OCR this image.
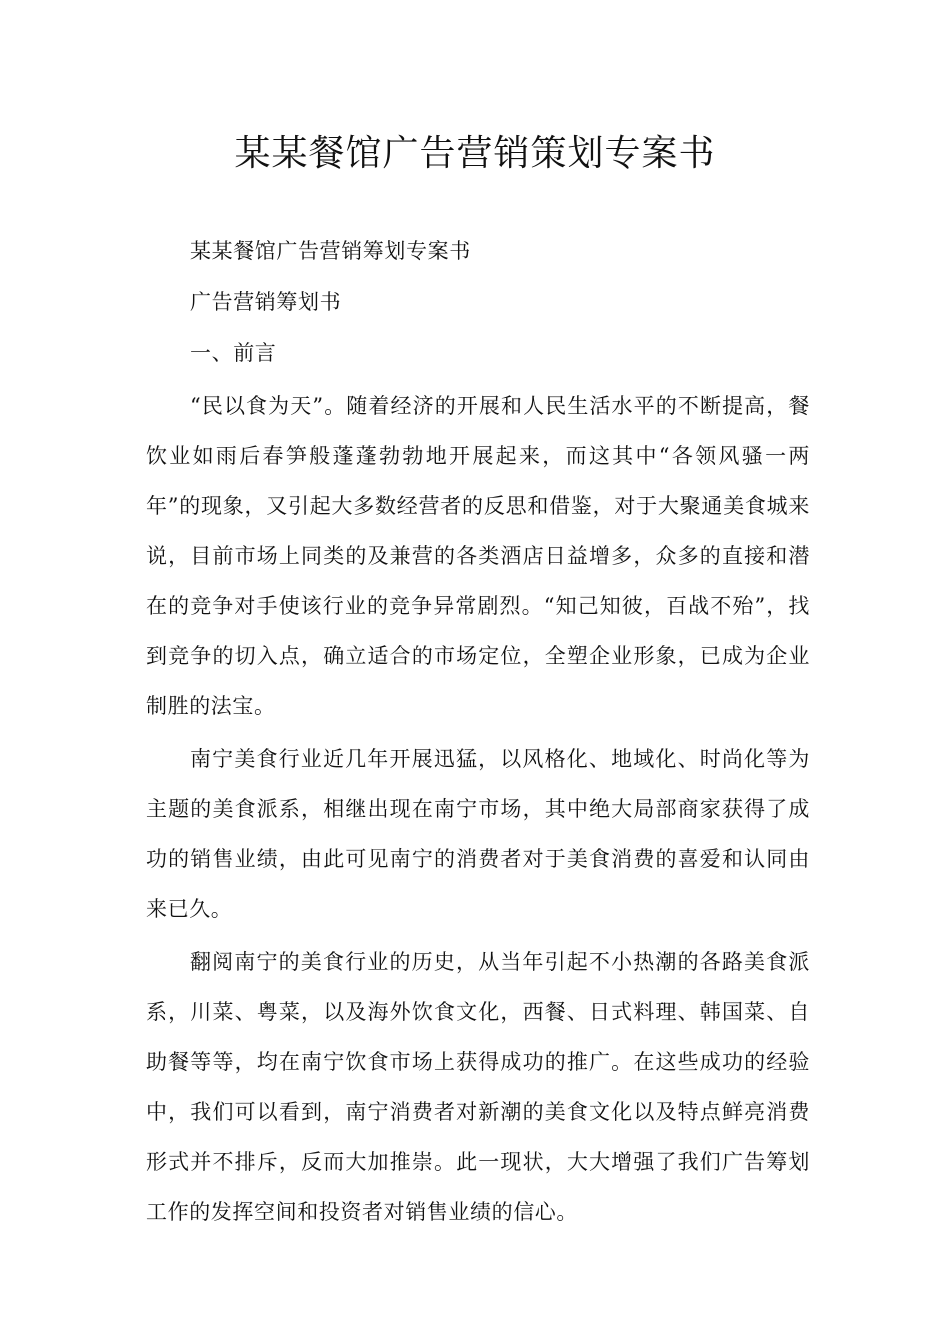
某某餐馆广告营销策划专案书

某某餐馆广告营销筹划专案书

广告营销筹划书

一、前言

“民以食为天”。随着经济的开展和人民生活水平的不断提高，餐饮业如雨后春笋般蓬蓬勃勃地开展起来，而这其中“各领风骚一两年”的现象，又引起大多数经营者的反思和借鉴，对于大聚通美食城来说，目前市场上同类的及兼营的各类酒店日益增多，众多的直接和潜在的竞争对手使该行业的竞争异常剧烈。“知己知彼，百战不殆”，找到竞争的切入点，确立适合的市场定位，全塑企业形象，已成为企业制胜的法宝。

南宁美食行业近几年开展迅猛，以风格化、地域化、时尚化等为主题的美食派系，相继出现在南宁市场，其中绝大局部商家获得了成功的销售业绩，由此可见南宁的消费者对于美食消费的喜爱和认同由来已久。

翻阅南宁的美食行业的历史，从当年引起不小热潮的各路美食派系，川菜、粤菜，以及海外饮食文化，西餐、日式料理、韩国菜、自助餐等等，均在南宁饮食市场上获得成功的推广。在这些成功的经验中，我们可以看到，南宁消费者对新潮的美食文化以及特点鲜亮消费形式并不排斥，反而大加推崇。此一现状，大大增强了我们广告筹划工作的发挥空间和投资者对销售业绩的信心。
